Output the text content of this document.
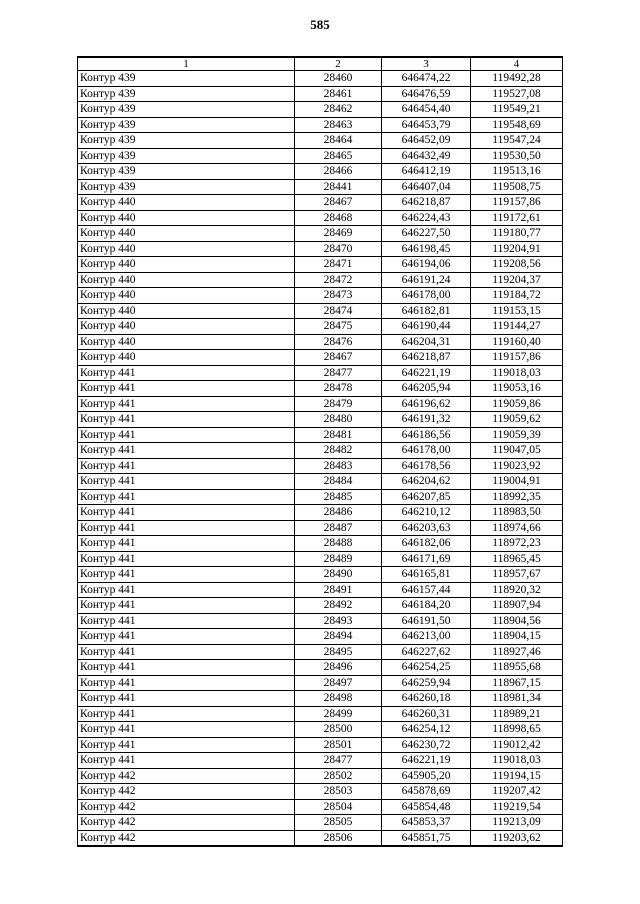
585
1	2	3	4
Контур 439	28460	646474,22	119492,28
Контур 439	28461	646476,59	119527,08
Контур 439	28462	646454,40	119549,21
Контур 439	28463	646453,79	119548,69
Контур 439	28464	646452,09	119547,24
Контур 439	28465	646432,49	119530,50
Контур 439	28466	646412,19	119513,16
Контур 439	28441	646407,04	119508,75
Контур 440	28467	646218,87	119157,86
Контур 440	28468	646224,43	119172,61
Контур 440	28469	646227,50	119180,77
Контур 440	28470	646198,45	119204,91
Контур 440	28471	646194,06	119208,56
Контур 440	28472	646191,24	119204,37
Контур 440	28473	646178,00	119184,72
Контур 440	28474	646182,81	119153,15
Контур 440	28475	646190,44	119144,27
Контур 440	28476	646204,31	119160,40
Контур 440	28467	646218,87	119157,86
Контур 441	28477	646221,19	119018,03
Контур 441	28478	646205,94	119053,16
Контур 441	28479	646196,62	119059,86
Контур 441	28480	646191,32	119059,62
Контур 441	28481	646186,56	119059,39
Контур 441	28482	646178,00	119047,05
Контур 441	28483	646178,56	119023,92
Контур 441	28484	646204,62	119004,91
Контур 441	28485	646207,85	118992,35
Контур 441	28486	646210,12	118983,50
Контур 441	28487	646203,63	118974,66
Контур 441	28488	646182,06	118972,23
Контур 441	28489	646171,69	118965,45
Контур 441	28490	646165,81	118957,67
Контур 441	28491	646157,44	118920,32
Контур 441	28492	646184,20	118907,94
Контур 441	28493	646191,50	118904,56
Контур 441	28494	646213,00	118904,15
Контур 441	28495	646227,62	118927,46
Контур 441	28496	646254,25	118955,68
Контур 441	28497	646259,94	118967,15
Контур 441	28498	646260,18	118981,34
Контур 441	28499	646260,31	118989,21
Контур 441	28500	646254,12	118998,65
Контур 441	28501	646230,72	119012,42
Контур 441	28477	646221,19	119018,03
Контур 442	28502	645905,20	119194,15
Контур 442	28503	645878,69	119207,42
Контур 442	28504	645854,48	119219,54
Контур 442	28505	645853,37	119213,09
Контур 442	28506	645851,75	119203,62
